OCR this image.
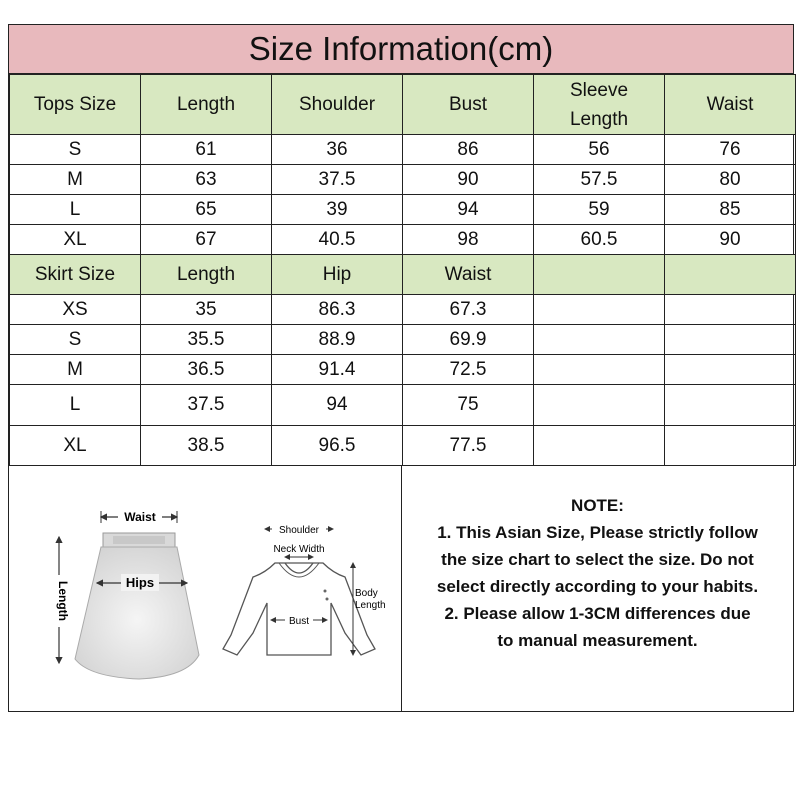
Size Information(cm)
Tops Size	Length	Shoulder	Bust	Sleeve Length	Waist
S	61	36	86	56	76
M	63	37.5	90	57.5	80
L	65	39	94	59	85
XL	67	40.5	98	60.5	90
Skirt Size	Length	Hip	Waist		
XS	35	86.3	67.3		
S	35.5	88.9	69.9		
M	36.5	91.4	72.5		
L	37.5	94	75		
XL	38.5	96.5	77.5		
Waist
Hips
Length
Shoulder
Neck Width
Body Length
Bust
NOTE:
1. This Asian Size, Please strictly follow
the size chart to select the size. Do not
select directly according to your habits.
2. Please allow 1-3CM differences due
to manual measurement.
